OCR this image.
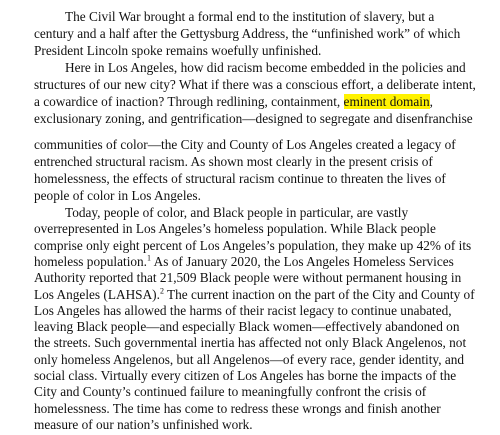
The Civil War brought a formal end to the institution of slavery, but a
century and a half after the Gettysburg Address, the “unfinished work” of which
President Lincoln spoke remains woefully unfinished.
Here in Los Angeles, how did racism become embedded in the policies and
structures of our new city? What if there was a conscious effort, a deliberate intent,
a cowardice of inaction? Through redlining, containment, eminent domain,
exclusionary zoning, and gentrification—designed to segregate and disenfranchise
communities of color—the City and County of Los Angeles created a legacy of
entrenched structural racism. As shown most clearly in the present crisis of
homelessness, the effects of structural racism continue to threaten the lives of
people of color in Los Angeles.
Today, people of color, and Black people in particular, are vastly
overrepresented in Los Angeles’s homeless population. While Black people
comprise only eight percent of Los Angeles’s population, they make up 42% of its
homeless population.$^1$ As of January 2020, the Los Angeles Homeless Services
Authority reported that 21,509 Black people were without permanent housing in
Los Angeles (LAHSA).$^2$ The current inaction on the part of the City and County of
Los Angeles has allowed the harms of their racist legacy to continue unabated,
leaving Black people—and especially Black women—effectively abandoned on
the streets. Such governmental inertia has affected not only Black Angelenos, not
only homeless Angelenos, but all Angelenos—of every race, gender identity, and
social class. Virtually every citizen of Los Angeles has borne the impacts of the
City and County’s continued failure to meaningfully confront the crisis of
homelessness. The time has come to redress these wrongs and finish another
measure of our nation’s unfinished work.
